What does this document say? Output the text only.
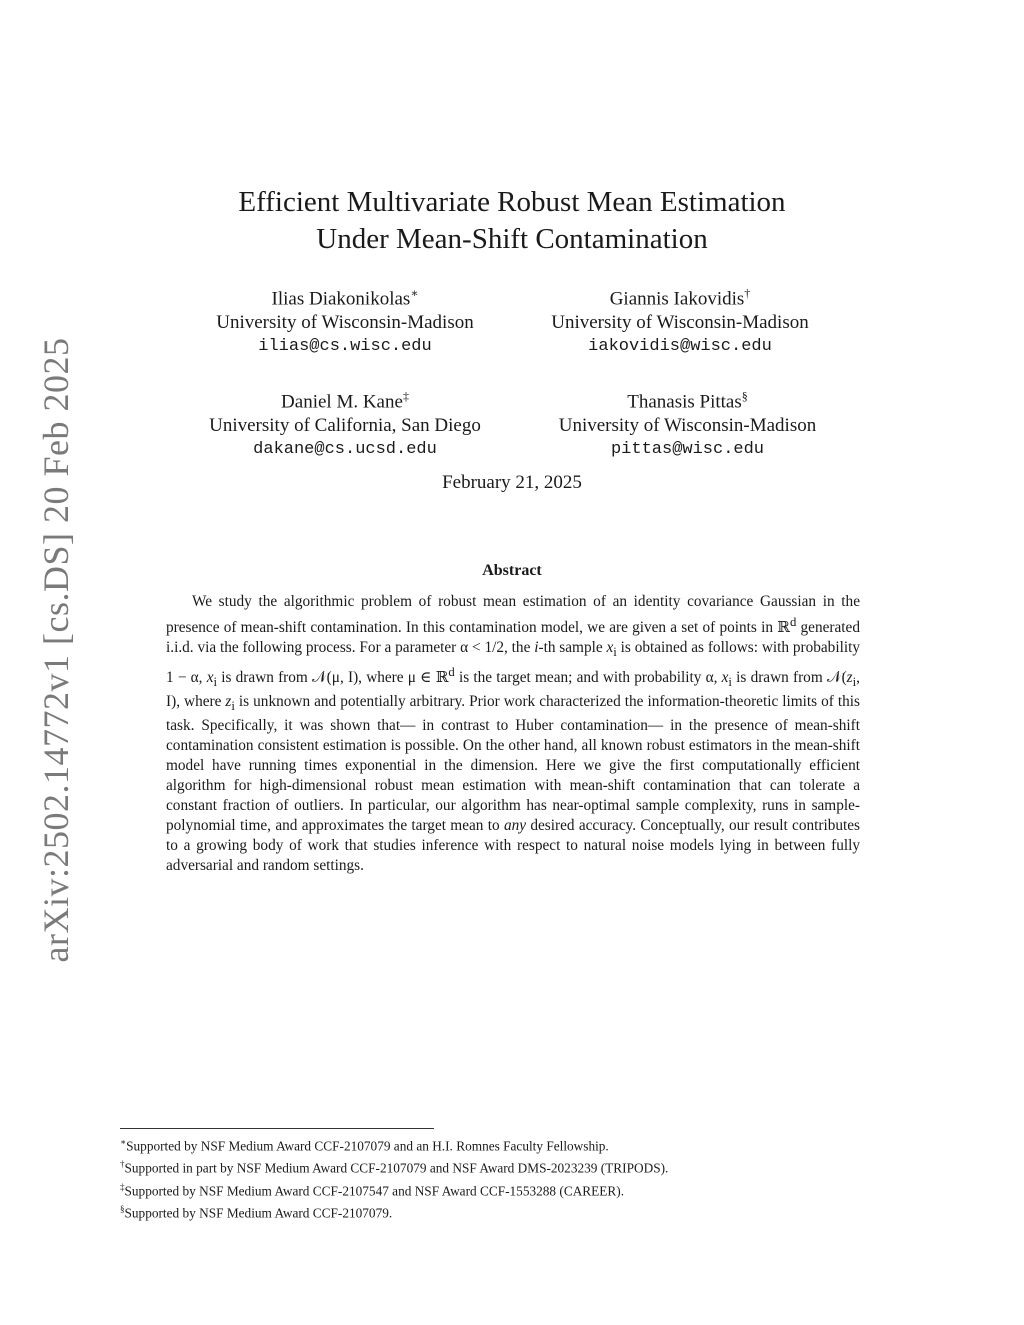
arXiv:2502.14772v1 [cs.DS] 20 Feb 2025
Efficient Multivariate Robust Mean Estimation
Under Mean-Shift Contamination
Ilias Diakonikolas∗
University of Wisconsin-Madison
ilias@cs.wisc.edu
Giannis Iakovidis†
University of Wisconsin-Madison
iakovidis@wisc.edu
Daniel M. Kane‡
University of California, San Diego
dakane@cs.ucsd.edu
Thanasis Pittas§
University of Wisconsin-Madison
pittas@wisc.edu
February 21, 2025
Abstract
We study the algorithmic problem of robust mean estimation of an identity covariance Gaussian in the presence of mean-shift contamination. In this contamination model, we are given a set of points in ℝ$^d$ generated i.i.d. via the following process. For a parameter α < 1/2, the i-th sample $x_i$ is obtained as follows: with probability 1 − α, $x_i$ is drawn from 𝒩(μ, I), where μ ∈ ℝ$^d$ is the target mean; and with probability α, $x_i$ is drawn from $𝒩(z_i$, I), where $z_i$ is unknown and potentially arbitrary. Prior work characterized the information-theoretic limits of this task. Specifically, it was shown that— in contrast to Huber contamination— in the presence of mean-shift contamination consistent estimation is possible. On the other hand, all known robust estimators in the mean-shift model have running times exponential in the dimension. Here we give the first computationally efficient algorithm for high-dimensional robust mean estimation with mean-shift contamination that can tolerate a constant fraction of outliers. In particular, our algorithm has near-optimal sample complexity, runs in sample-polynomial time, and approximates the target mean to any desired accuracy. Conceptually, our result contributes to a growing body of work that studies inference with respect to natural noise models lying in between fully adversarial and random settings.
∗Supported by NSF Medium Award CCF-2107079 and an H.I. Romnes Faculty Fellowship.
†Supported in part by NSF Medium Award CCF-2107079 and NSF Award DMS-2023239 (TRIPODS).
‡Supported by NSF Medium Award CCF-2107547 and NSF Award CCF-1553288 (CAREER).
§Supported by NSF Medium Award CCF-2107079.
